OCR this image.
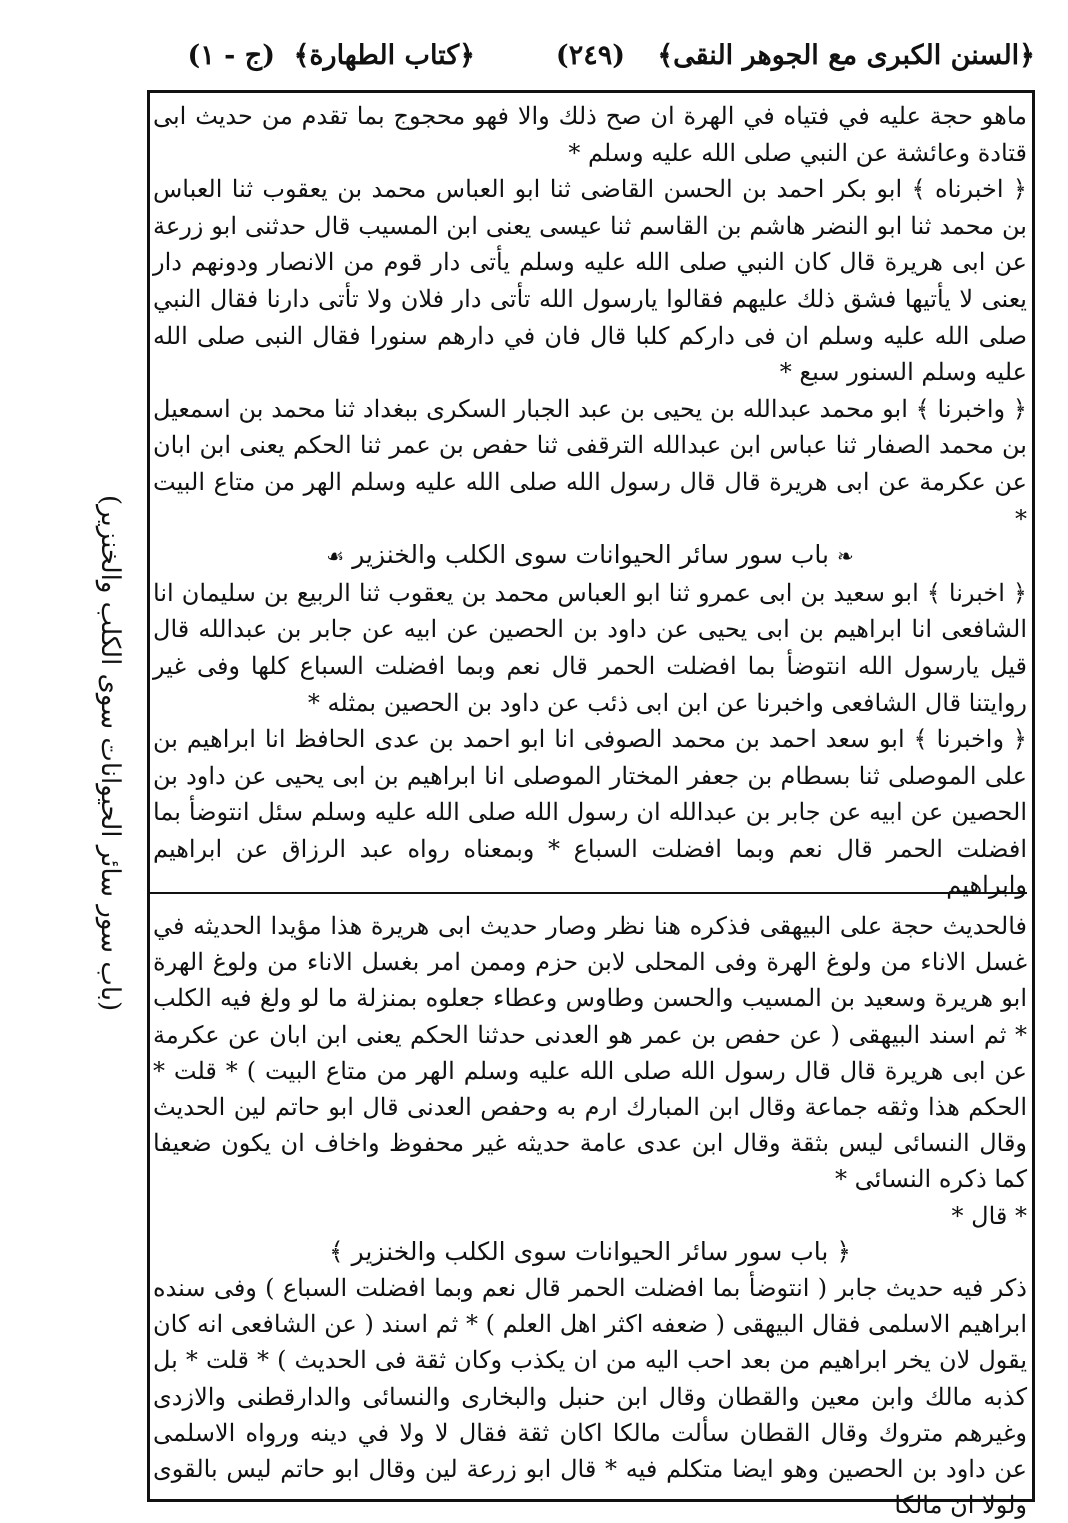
﴿السنن الكبرى مع الجوهر النقى﴾
(٢٤٩)
﴿كتاب الطهارة﴾
(ج - ١)
(باب سور سائر الحيوانات سوى الكلب والخنزير)

ماهو حجة عليه في فتياه في الهرة ان صح ذلك والا فهو محجوج بما تقدم من حديث ابى قتادة وعائشة عن النبي صلى الله عليه وسلم *

﴿ اخبرناه ﴾ ابو بكر احمد بن الحسن القاضى ثنا ابو العباس محمد بن يعقوب ثنا العباس بن محمد ثنا ابو النضر هاشم بن القاسم ثنا عيسى يعنى ابن المسيب قال حدثنى ابو زرعة عن ابى هريرة قال كان النبي صلى الله عليه وسلم يأتى دار قوم من الانصار ودونهم دار يعنى لا يأتيها فشق ذلك عليهم فقالوا يارسول الله تأتى دار فلان ولا تأتى دارنا فقال النبي صلى الله عليه وسلم ان فى داركم كلبا قال فان في دارهم سنورا فقال النبى صلى الله عليه وسلم السنور سبع *

﴿ واخبرنا ﴾ ابو محمد عبدالله بن يحيى بن عبد الجبار السكرى ببغداد ثنا محمد بن اسمعيل بن محمد الصفار ثنا عباس ابن عبدالله الترقفى ثنا حفص بن عمر ثنا الحكم يعنى ابن ابان عن عكرمة عن ابى هريرة قال قال رسول الله صلى الله عليه وسلم الهر من متاع البيت *

❧باب سور سائر الحيوانات سوى الكلب والخنزير☙

﴿ اخبرنا ﴾ ابو سعيد بن ابى عمرو ثنا ابو العباس محمد بن يعقوب ثنا الربيع بن سليمان انا الشافعى انا ابراهيم بن ابى يحيى عن داود بن الحصين عن ابيه عن جابر بن عبدالله قال قيل يارسول الله انتوضأ بما افضلت الحمر قال نعم وبما افضلت السباع كلها وفى غير روايتنا قال الشافعى واخبرنا عن ابن ابى ذئب عن داود بن الحصين بمثله *

﴿ واخبرنا ﴾ ابو سعد احمد بن محمد الصوفى انا ابو احمد بن عدى الحافظ انا ابراهيم بن على الموصلى ثنا بسطام بن جعفر المختار الموصلى انا ابراهيم بن ابى يحيى عن داود بن الحصين عن ابيه عن جابر بن عبدالله ان رسول الله صلى الله عليه وسلم سئل انتوضأ بما افضلت الحمر قال نعم وبما افضلت السباع * وبمعناه رواه عبد الرزاق عن ابراهيم وابراهيم

فالحديث حجة على البيهقى فذكره هنا نظر وصار حديث ابى هريرة هذا مؤيدا الحديثه في غسل الاناء من ولوغ الهرة وفى المحلى لابن حزم وممن امر بغسل الاناء من ولوغ الهرة ابو هريرة وسعيد بن المسيب والحسن وطاوس وعطاء جعلوه بمنزلة ما لو ولغ فيه الكلب * ثم اسند البيهقى ( عن حفص بن عمر هو العدنى حدثنا الحكم يعنى ابن ابان عن عكرمة عن ابى هريرة قال قال رسول الله صلى الله عليه وسلم الهر من متاع البيت ) * قلت * الحكم هذا وثقه جماعة وقال ابن المبارك ارم به وحفص العدنى قال ابو حاتم لين الحديث وقال النسائى ليس بثقة وقال ابن عدى عامة حديثه غير محفوظ واخاف ان يكون ضعيفا كما ذكره النسائى *

* قال *

﴿ باب سور سائر الحيوانات سوى الكلب والخنزير ﴾

ذكر فيه حديث جابر ( انتوضأ بما افضلت الحمر قال نعم وبما افضلت السباع ) وفى سنده ابراهيم الاسلمى فقال البيهقى ( ضعفه اكثر اهل العلم ) * ثم اسند ( عن الشافعى انه كان يقول لان يخر ابراهيم من بعد احب اليه من ان يكذب وكان ثقة فى الحديث ) * قلت * بل كذبه مالك وابن معين والقطان وقال ابن حنبل والبخارى والنسائى والدارقطنى والازدى وغيرهم متروك وقال القطان سألت مالكا اكان ثقة فقال لا ولا في دينه ورواه الاسلمى عن داود بن الحصين وهو ايضا متكلم فيه * قال ابو زرعة لين وقال ابو حاتم ليس بالقوى ولولا ان مالكا
